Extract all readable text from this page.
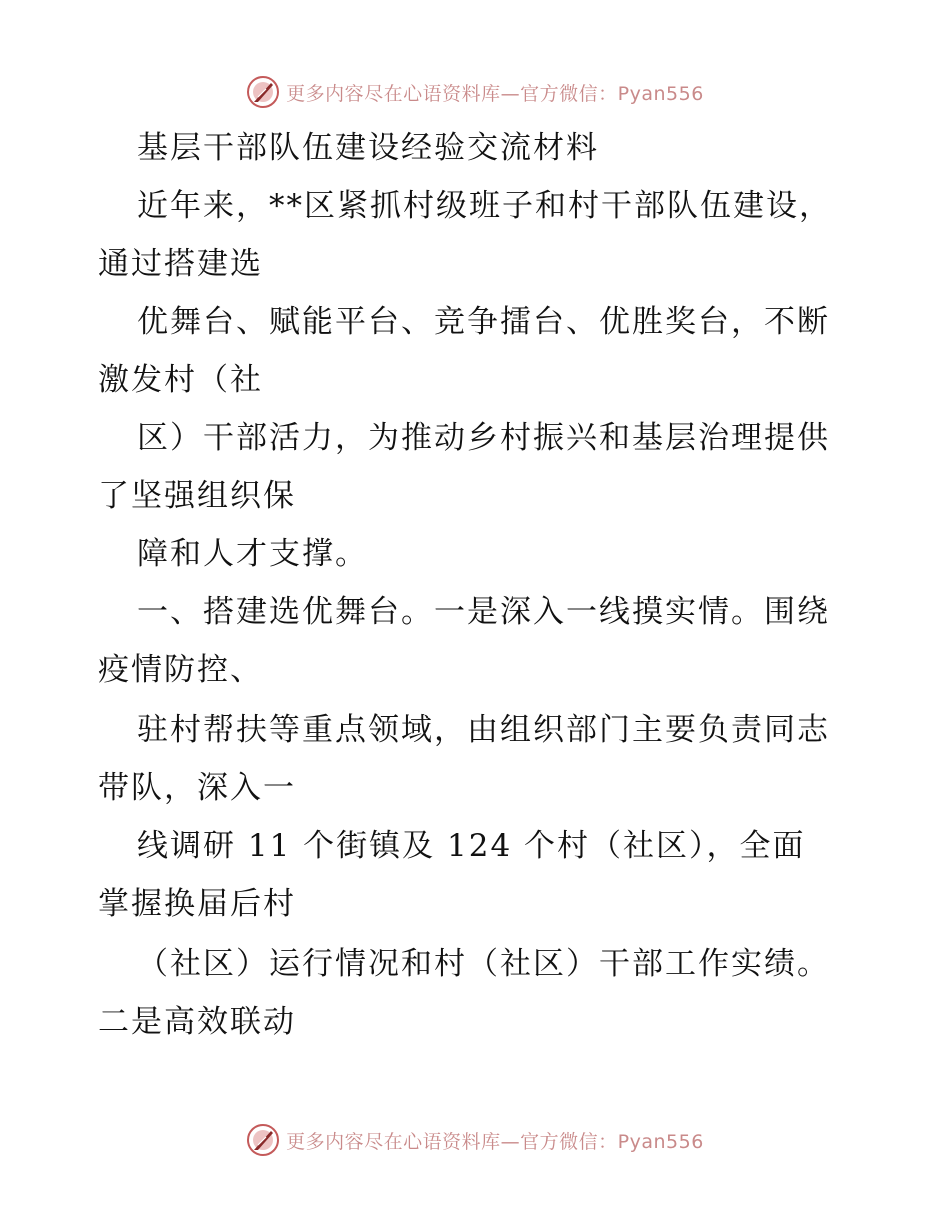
更多内容尽在心语资料库—官方微信：Pyan556
基层干部队伍建设经验交流材料
近年来，**区紧抓村级班子和村干部队伍建设，
通过搭建选
优舞台、赋能平台、竞争擂台、优胜奖台，不断
激发村（社
区）干部活力，为推动乡村振兴和基层治理提供
了坚强组织保
障和人才支撑。
一、搭建选优舞台。一是深入一线摸实情。围绕
疫情防控、
驻村帮扶等重点领域，由组织部门主要负责同志
带队，深入一
线调研 11 个街镇及 124 个村（社区），全面
掌握换届后村
（社区）运行情况和村（社区）干部工作实绩。
二是高效联动
更多内容尽在心语资料库—官方微信：Pyan556
